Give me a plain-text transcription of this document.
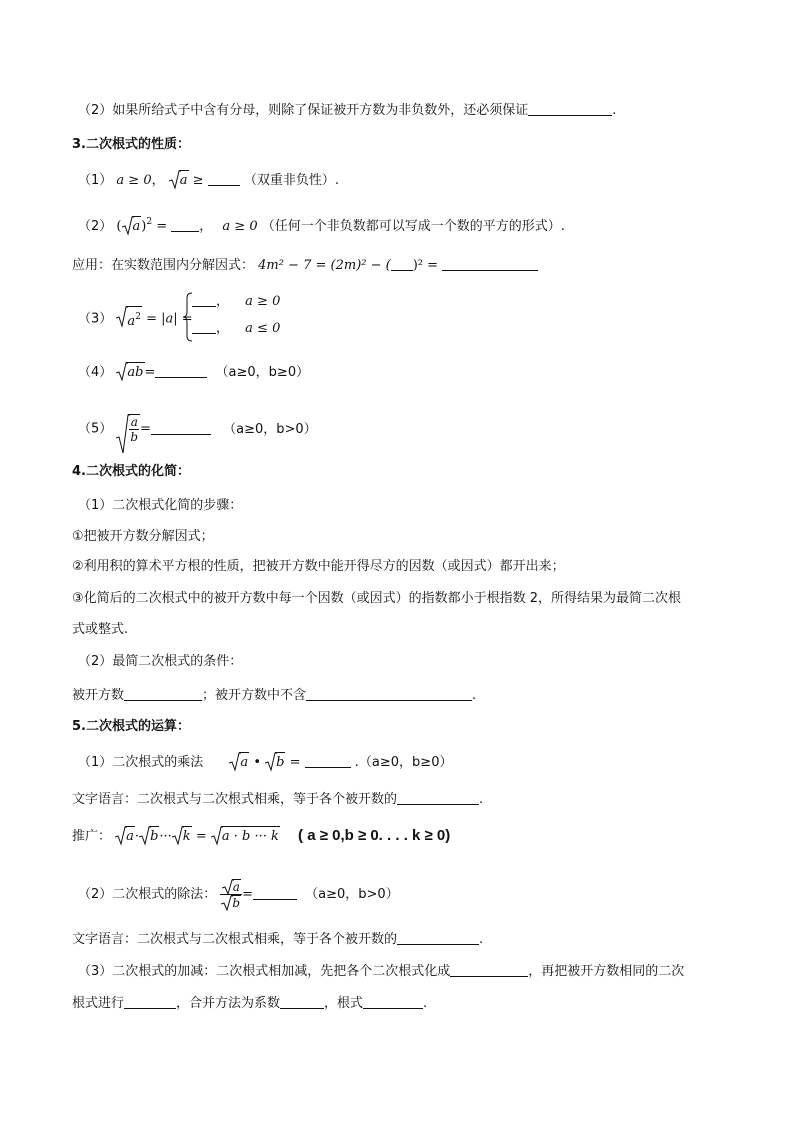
（2）如果所给式子中含有分母，则除了保证被开方数为非负数外，还必须保证	.
3.二次根式的性质：
（1） a ≥ 0， a ≥	（双重非负性）.
（2） ( a)$^2$ = ， a ≥ 0 （任何一个非负数都可以写成一个数的平方的形式）.
应用：在实数范围内分解因式： 4m² − 7 = (2m)² − ( )² =
（3） $a^2 = |a|$ =
， a ≥ 0
， a ≤ 0
（4） ab=	（a≥0，b≥0）
$(5) \frac{a}{b}$ =	（a≥0，b>0）
4.二次根式的化简：
（1）二次根式化简的步骤：
①把被开方数分解因式；
②利用积的算术平方根的性质，把被开方数中能开得尽方的因数（或因式）都开出来；
③化简后的二次根式中的被开方数中每一个因数（或因式）的指数都小于根指数 2，所得结果为最简二次根
式或整式.
（2）最简二次根式的条件：
被开方数	；被开方数中不含	.
5.二次根式的运算：
（1）二次根式的乘法	a • b =	.（a≥0，b≥0）
文字语言：二次根式与二次根式相乘，等于各个被开数的	.
推广： a· b··· k = a · b ··· k ( a ≥ 0,b ≥ 0. . . . k ≥ 0)
（2）二次根式的除法： $\frac{a}{b}$ =	（a≥0，b>0）
文字语言：二次根式与二次根式相乘，等于各个被开数的	.
（3）二次根式的加减：二次根式相加减，先把各个二次根式化成	，再把被开方数相同的二次
根式进行	，合并方法为系数	，根式	.
